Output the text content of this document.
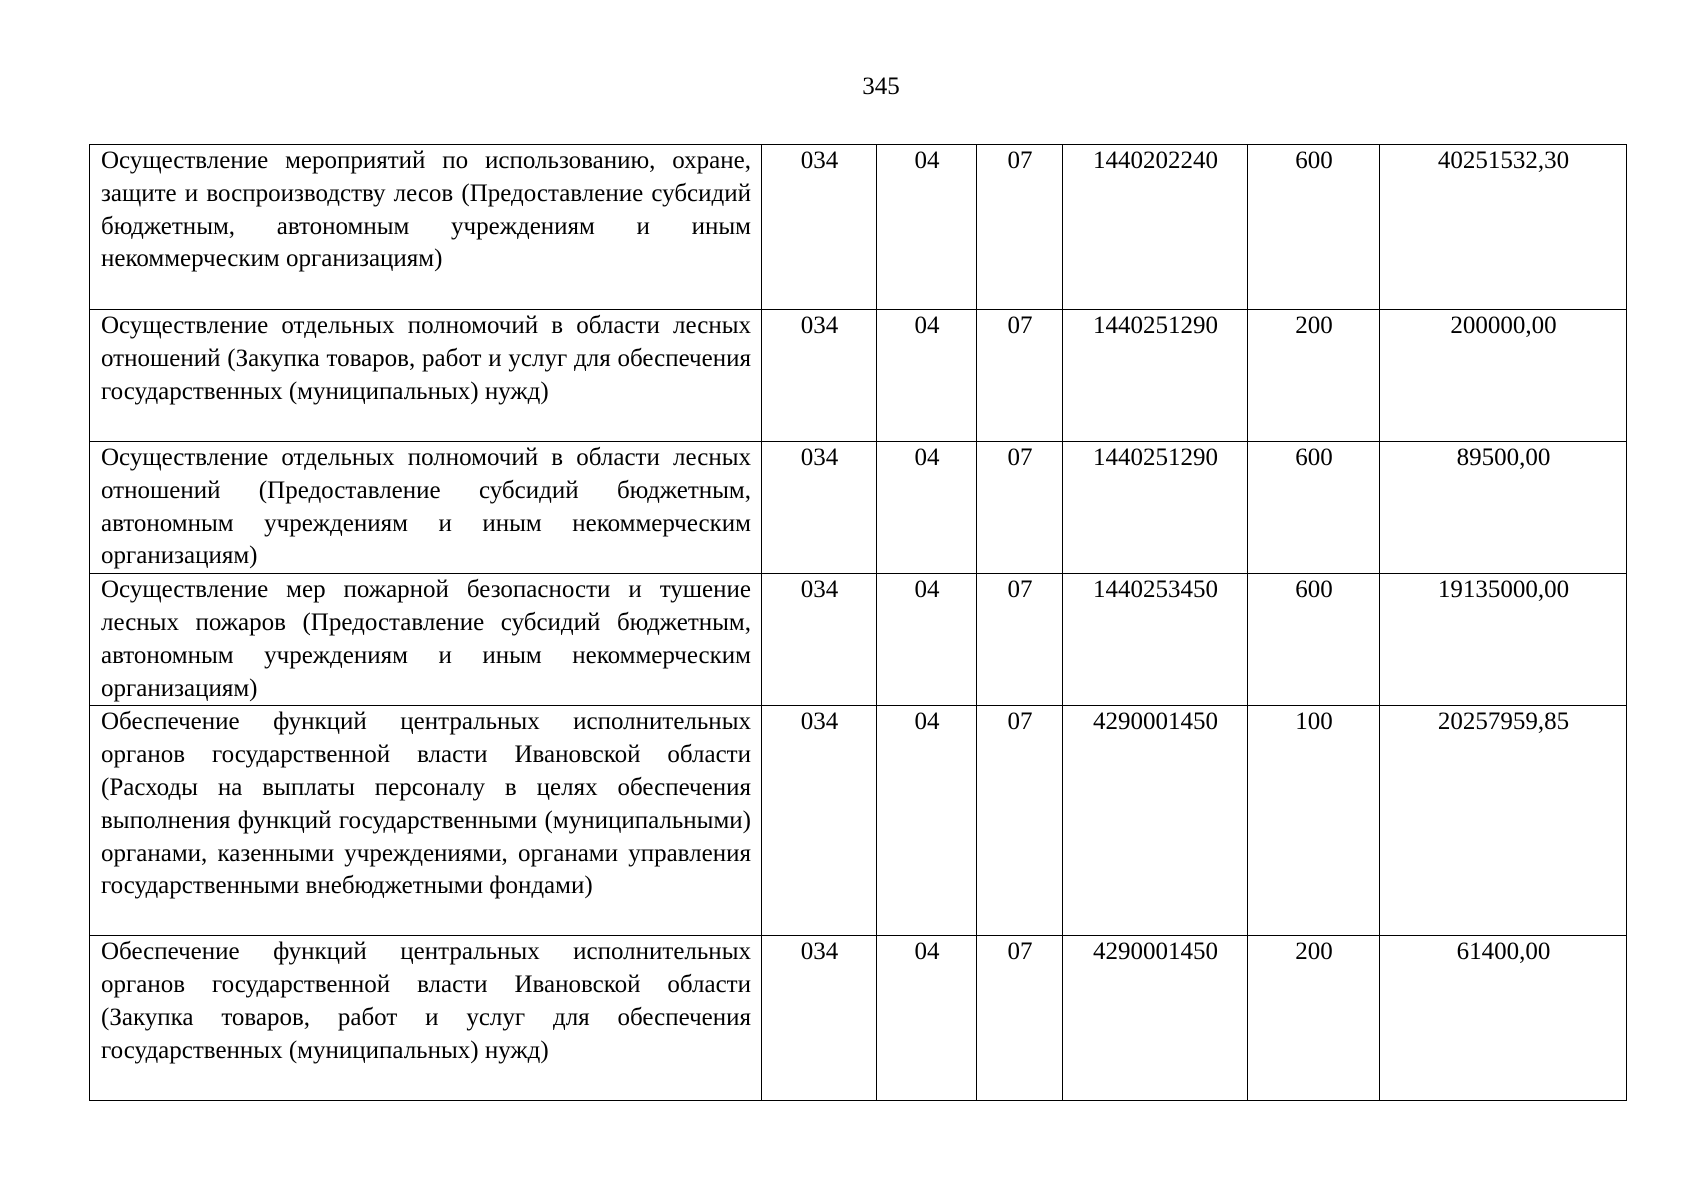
345
Осуществление мероприятий по использованию, охране, защите и воспроизводству лесов (Предоставление субсидий бюджетным, автономным учреждениям и иным некоммерческим организациям)	034	04	07	1440202240	600	40251532,30
Осуществление отдельных полномочий в области лесных отношений (Закупка товаров, работ и услуг для обеспечения государственных (муниципальных) нужд)	034	04	07	1440251290	200	200000,00
Осуществление отдельных полномочий в области лесных отношений (Предоставление субсидий бюджетным, автономным учреждениям и иным некоммерческим организациям)	034	04	07	1440251290	600	89500,00
Осуществление мер пожарной безопасности и тушение лесных пожаров (Предоставление субсидий бюджетным, автономным учреждениям и иным некоммерческим организациям)	034	04	07	1440253450	600	19135000,00
Обеспечение функций центральных исполнительных органов государственной власти Ивановской области (Расходы на выплаты персоналу в целях обеспечения выполнения функций государственными (муниципальными) органами, казенными учреждениями, органами управления государственными внебюджетными фондами)	034	04	07	4290001450	100	20257959,85
Обеспечение функций центральных исполнительных органов государственной власти Ивановской области (Закупка товаров, работ и услуг для обеспечения государственных (муниципальных) нужд)	034	04	07	4290001450	200	61400,00
